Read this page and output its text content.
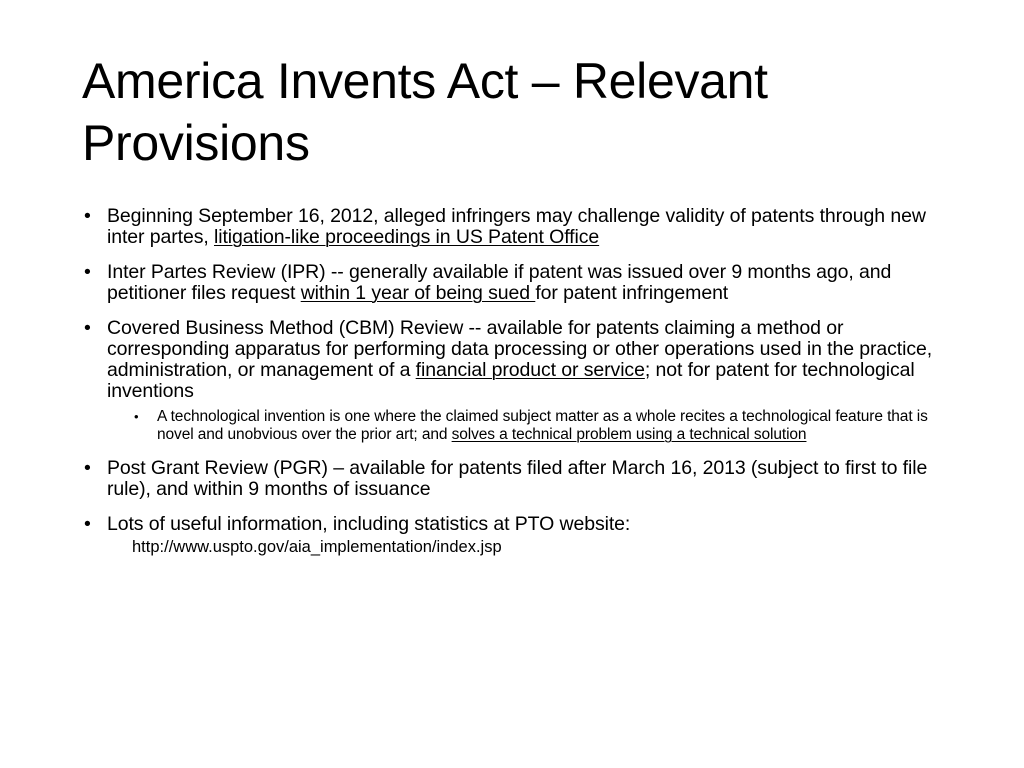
America Invents Act – Relevant Provisions
• Beginning September 16, 2012, alleged infringers may challenge validity of patents through new inter partes, litigation-like proceedings in US Patent Office
• Inter Partes Review (IPR) -- generally available if patent was issued over 9 months ago, and petitioner files request within 1 year of being sued for patent infringement
• Covered Business Method (CBM) Review -- available for patents claiming a method or corresponding apparatus for performing data processing or other operations used in the practice, administration, or management of a financial product or service; not for patent for technological inventions
• A technological invention is one where the claimed subject matter as a whole recites a technological feature that is novel and unobvious over the prior art; and solves a technical problem using a technical solution
• Post Grant Review (PGR) – available for patents filed after March 16, 2013 (subject to first to file rule), and within 9 months of issuance
• Lots of useful information, including statistics at PTO website:
http://www.uspto.gov/aia_implementation/index.jsp
